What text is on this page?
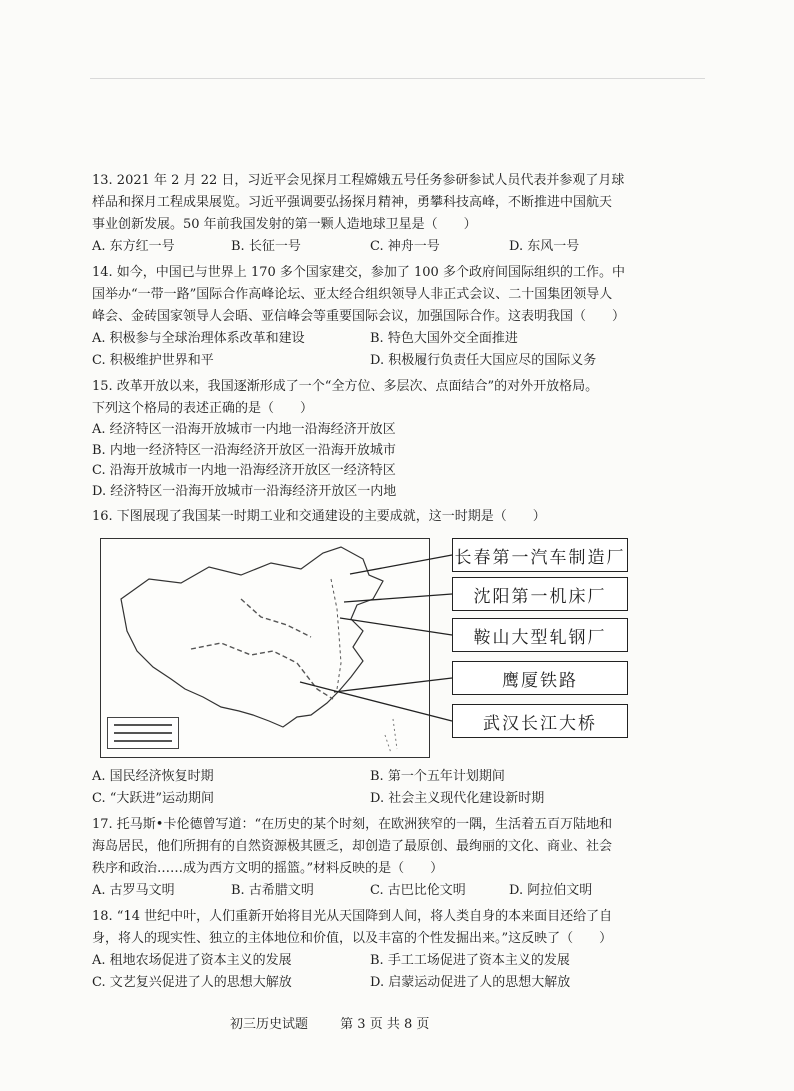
13. 2021 年 2 月 22 日，习近平会见探月工程嫦娥五号任务参研参试人员代表并参观了月球
样品和探月工程成果展览。习近平强调要弘扬探月精神，勇攀科技高峰，不断推进中国航天
事业创新发展。50 年前我国发射的第一颗人造地球卫星是（　　）
A. 东方红一号	B. 长征一号	C. 神舟一号	D. 东风一号
14. 如今，中国已与世界上 170 多个国家建交，参加了 100 多个政府间国际组织的工作。中
国举办“一带一路”国际合作高峰论坛、亚太经合组织领导人非正式会议、二十国集团领导人
峰会、金砖国家领导人会晤、亚信峰会等重要国际会议，加强国际合作。这表明我国（　　）
A. 积极参与全球治理体系改革和建设	B. 特色大国外交全面推进
C. 积极维护世界和平	D. 积极履行负责任大国应尽的国际义务
15. 改革开放以来，我国逐渐形成了一个“全方位、多层次、点面结合”的对外开放格局。
下列这个格局的表述正确的是（　　）
A. 经济特区一沿海开放城市一内地一沿海经济开放区
B. 内地一经济特区一沿海经济开放区一沿海开放城市
C. 沿海开放城市一内地一沿海经济开放区一经济特区
D. 经济特区一沿海开放城市一沿海经济开放区一内地
16. 下图展现了我国某一时期工业和交通建设的主要成就，这一时期是（　　）
长春第一汽车制造厂
沈阳第一机床厂
鞍山大型轧钢厂
鹰厦铁路
武汉长江大桥
A. 国民经济恢复时期	B. 第一个五年计划期间
C. “大跃进”运动期间	D. 社会主义现代化建设新时期
17. 托马斯•卡伦德曾写道：“在历史的某个时刻，在欧洲狭窄的一隅，生活着五百万陆地和
海岛居民，他们所拥有的自然资源极其匮乏，却创造了最原创、最绚丽的文化、商业、社会
秩序和政治……成为西方文明的摇篮。”材料反映的是（　　）
A. 古罗马文明	B. 古希腊文明	C. 古巴比伦文明	D. 阿拉伯文明
18. “14 世纪中叶，人们重新开始将目光从天国降到人间，将人类自身的本来面目还给了自
身，将人的现实性、独立的主体地位和价值，以及丰富的个性发掘出来。”这反映了（　　）
A. 租地农场促进了资本主义的发展	B. 手工工场促进了资本主义的发展
C. 文艺复兴促进了人的思想大解放	D. 启蒙运动促进了人的思想大解放
初三历史试题 第 3 页 共 8 页
